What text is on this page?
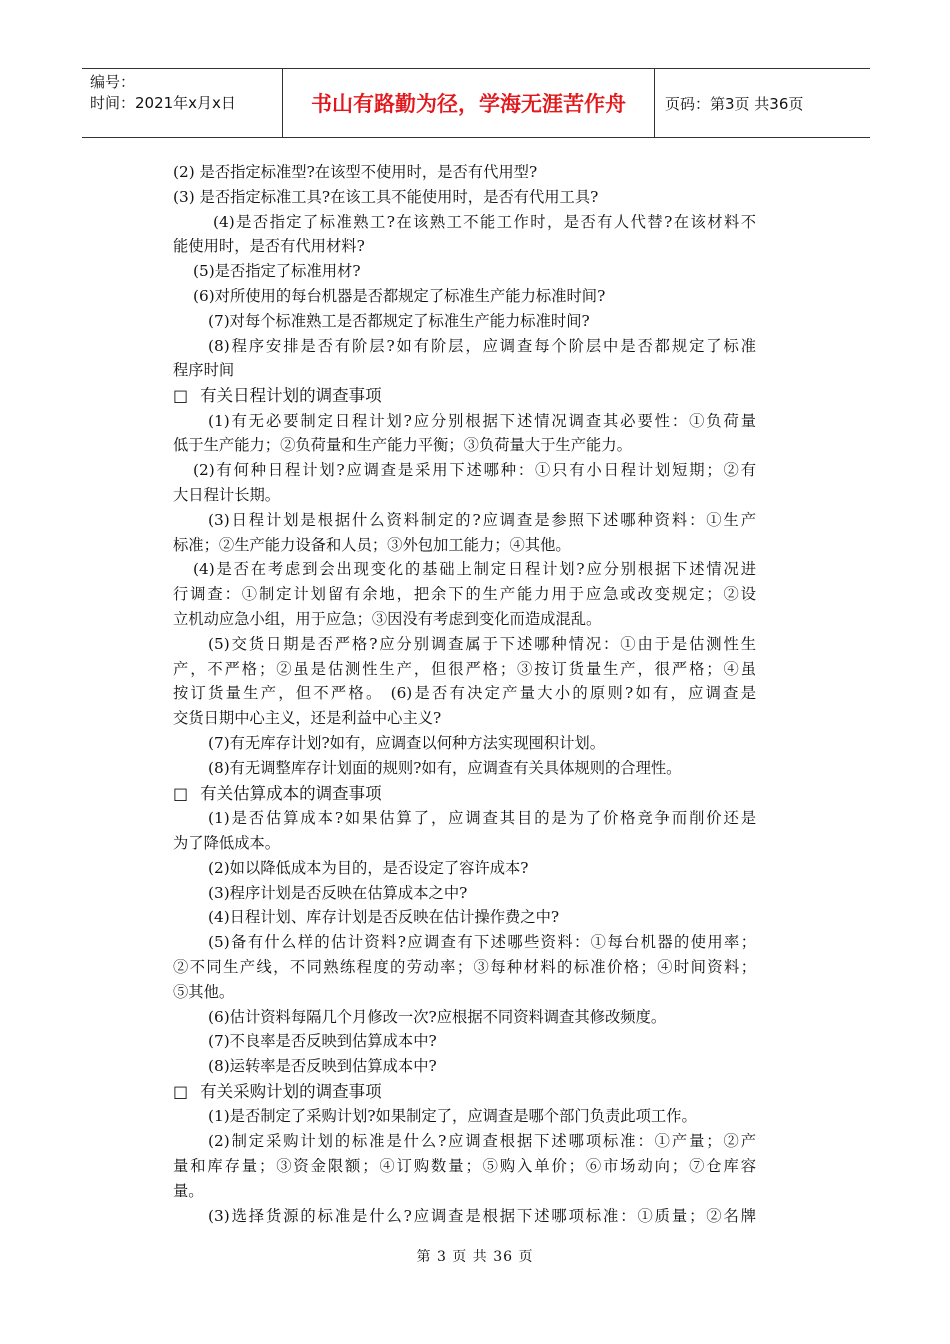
编号：
时间：2021年x月x日	书山有路勤为径，学海无涯苦作舟	页码：第3页 共36页
(2) 是否指定标准型?在该型不使用时，是否有代用型?
(3) 是否指定标准工具?在该工具不能使用时，是否有代用工具?
(4)是否指定了标准熟工?在该熟工不能工作时，是否有人代替?在该材料不
能使用时，是否有代用材料?
(5)是否指定了标准用材?
(6)对所使用的每台机器是否都规定了标准生产能力标准时间?
(7)对每个标准熟工是否都规定了标准生产能力标准时间?
(8)程序安排是否有阶层?如有阶层，应调查每个阶层中是否都规定了标准
程序时间
□ 有关日程计划的调查事项
(1)有无必要制定日程计划?应分别根据下述情况调查其必要性：①负荷量
低于生产能力；②负荷量和生产能力平衡；③负荷量大于生产能力。
(2)有何种日程计划?应调查是采用下述哪种：①只有小日程计划短期；②有
大日程计长期。
(3)日程计划是根据什么资料制定的?应调查是参照下述哪种资料：①生产
标准；②生产能力设备和人员；③外包加工能力；④其他。
(4)是否在考虑到会出现变化的基础上制定日程计划?应分别根据下述情况进
行调查：①制定计划留有余地，把余下的生产能力用于应急或改变规定；②设
立机动应急小组，用于应急；③因没有考虑到变化而造成混乱。
(5)交货日期是否严格?应分别调查属于下述哪种情况：①由于是估测性生
产，不严格；②虽是估测性生产，但很严格；③按订货量生产，很严格；④虽
按订货量生产，但不严格。 (6)是否有决定产量大小的原则?如有，应调查是
交货日期中心主义，还是利益中心主义?
(7)有无库存计划?如有，应调查以何种方法实现囤积计划。
(8)有无调整库存计划面的规则?如有，应调查有关具体规则的合理性。
□ 有关估算成本的调查事项
(1)是否估算成本?如果估算了，应调查其目的是为了价格竞争而削价还是
为了降低成本。
(2)如以降低成本为目的，是否设定了容许成本?
(3)程序计划是否反映在估算成本之中?
(4)日程计划、库存计划是否反映在估计操作费之中?
(5)备有什么样的估计资料?应调查有下述哪些资料：①每台机器的使用率；
②不同生产线，不同熟练程度的劳动率；③每种材料的标准价格；④时间资料；
⑤其他。
(6)估计资料每隔几个月修改一次?应根据不同资料调查其修改频度。
(7)不良率是否反映到估算成本中?
(8)运转率是否反映到估算成本中?
□ 有关采购计划的调查事项
(1)是否制定了采购计划?如果制定了，应调查是哪个部门负责此项工作。
(2)制定采购计划的标准是什么?应调查根据下述哪项标准：①产量；②产
量和库存量；③资金限额；④订购数量；⑤购入单价；⑥市场动向；⑦仓库容
量。
(3)选择货源的标准是什么?应调查是根据下述哪项标准：①质量；②名牌
第 3 页 共 36 页
